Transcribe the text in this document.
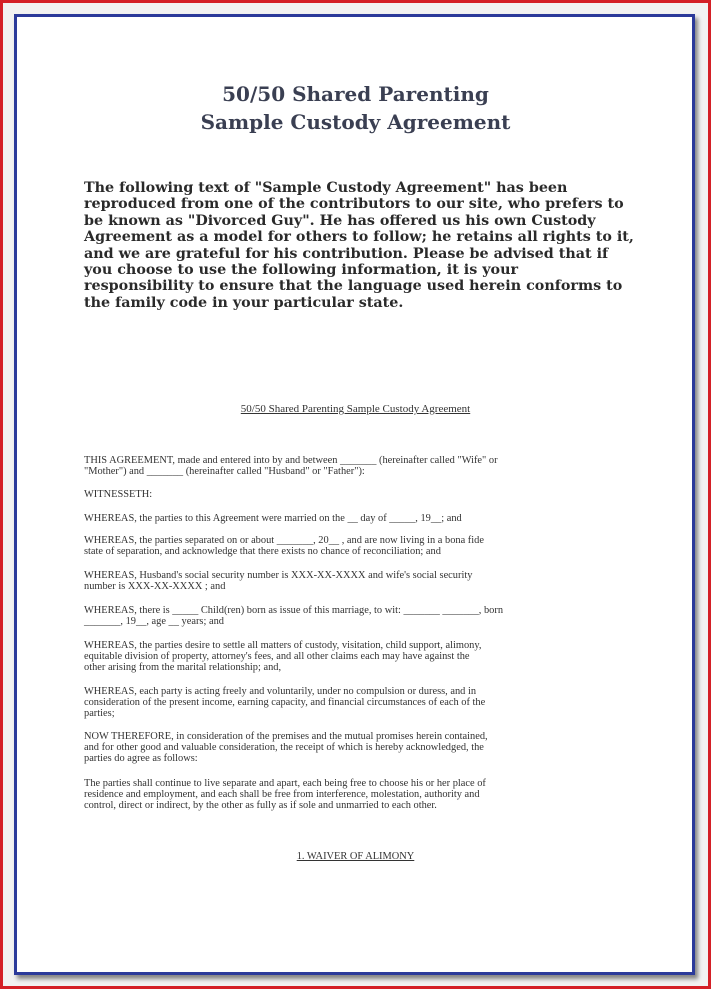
50/50 Shared Parenting
Sample Custody Agreement
The following text of "Sample Custody Agreement" has been
reproduced from one of the contributors to our site, who prefers to
be known as "Divorced Guy". He has offered us his own Custody
Agreement as a model for others to follow; he retains all rights to it,
and we are grateful for his contribution. Please be advised that if
you choose to use the following information, it is your
responsibility to ensure that the language used herein conforms to
the family code in your particular state.
50/50 Shared Parenting Sample Custody Agreement
THIS AGREEMENT, made and entered into by and between _______ (hereinafter called "Wife" or
"Mother") and _______ (hereinafter called "Husband" or "Father"):
WITNESSETH:
WHEREAS, the parties to this Agreement were married on the __ day of _____, 19__; and
WHEREAS, the parties separated on or about _______, 20__ , and are now living in a bona fide
state of separation, and acknowledge that there exists no chance of reconciliation; and
WHEREAS, Husband's social security number is XXX-XX-XXXX and wife's social security
number is XXX-XX-XXXX ; and
WHEREAS, there is _____ Child(ren) born as issue of this marriage, to wit: _______ _______, born
_______, 19__, age __ years; and
WHEREAS, the parties desire to settle all matters of custody, visitation, child support, alimony,
equitable division of property, attorney's fees, and all other claims each may have against the
other arising from the marital relationship; and,
WHEREAS, each party is acting freely and voluntarily, under no compulsion or duress, and in
consideration of the present income, earning capacity, and financial circumstances of each of the
parties;
NOW THEREFORE, in consideration of the premises and the mutual promises herein contained,
and for other good and valuable consideration, the receipt of which is hereby acknowledged, the
parties do agree as follows:
The parties shall continue to live separate and apart, each being free to choose his or her place of
residence and employment, and each shall be free from interference, molestation, authority and
control, direct or indirect, by the other as fully as if sole and unmarried to each other.
1. WAIVER OF ALIMONY
